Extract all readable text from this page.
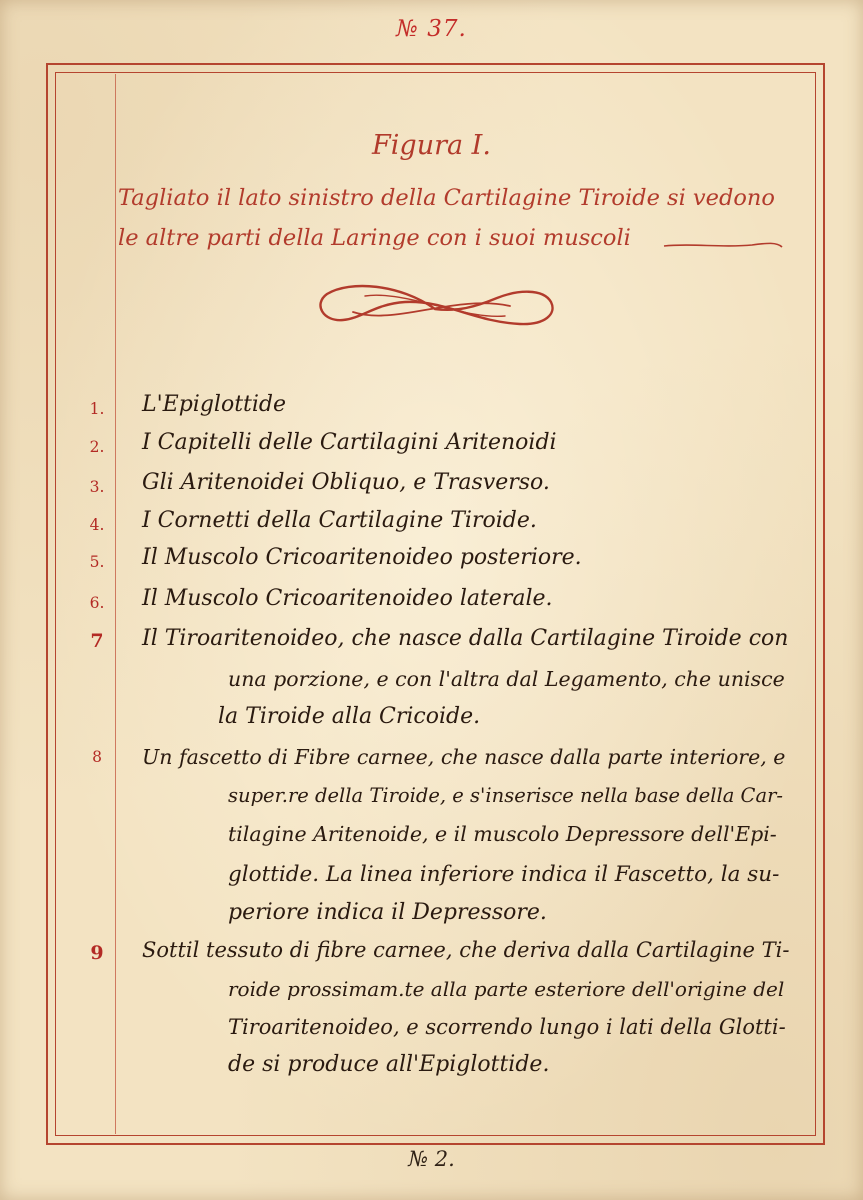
№ 37.
Figura I.
Tagliato il lato sinistro della Cartilagine Tiroide si vedono
le altre parti della Laringe con i suoi muscoli
1.	L'Epiglottide
2.	I Capitelli delle Cartilagini Aritenoidi
3.	Gli Aritenoidei Obliquo, e Trasverso.
4.	I Cornetti della Cartilagine Tiroide.
5.	Il Muscolo Cricoaritenoideo posteriore.
6.	Il Muscolo Cricoaritenoideo laterale.
7	Il Tiroaritenoideo, che nasce dalla Cartilagine Tiroide con
una porzione, e con l'altra dal Legamento, che unisce
la Tiroide alla Cricoide.
8	Un fascetto di Fibre carnee, che nasce dalla parte interiore, e
super.re della Tiroide, e s'inserisce nella base della Car-
tilagine Aritenoide, e il muscolo Depressore dell'Epi-
glottide. La linea inferiore indica il Fascetto, la su-
periore indica il Depressore.
9	Sottil tessuto di fibre carnee, che deriva dalla Cartilagine Ti-
roide prossimam.te alla parte esteriore dell'origine del
Tiroaritenoideo, e scorrendo lungo i lati della Glotti-
de si produce all'Epiglottide.
№ 2.
